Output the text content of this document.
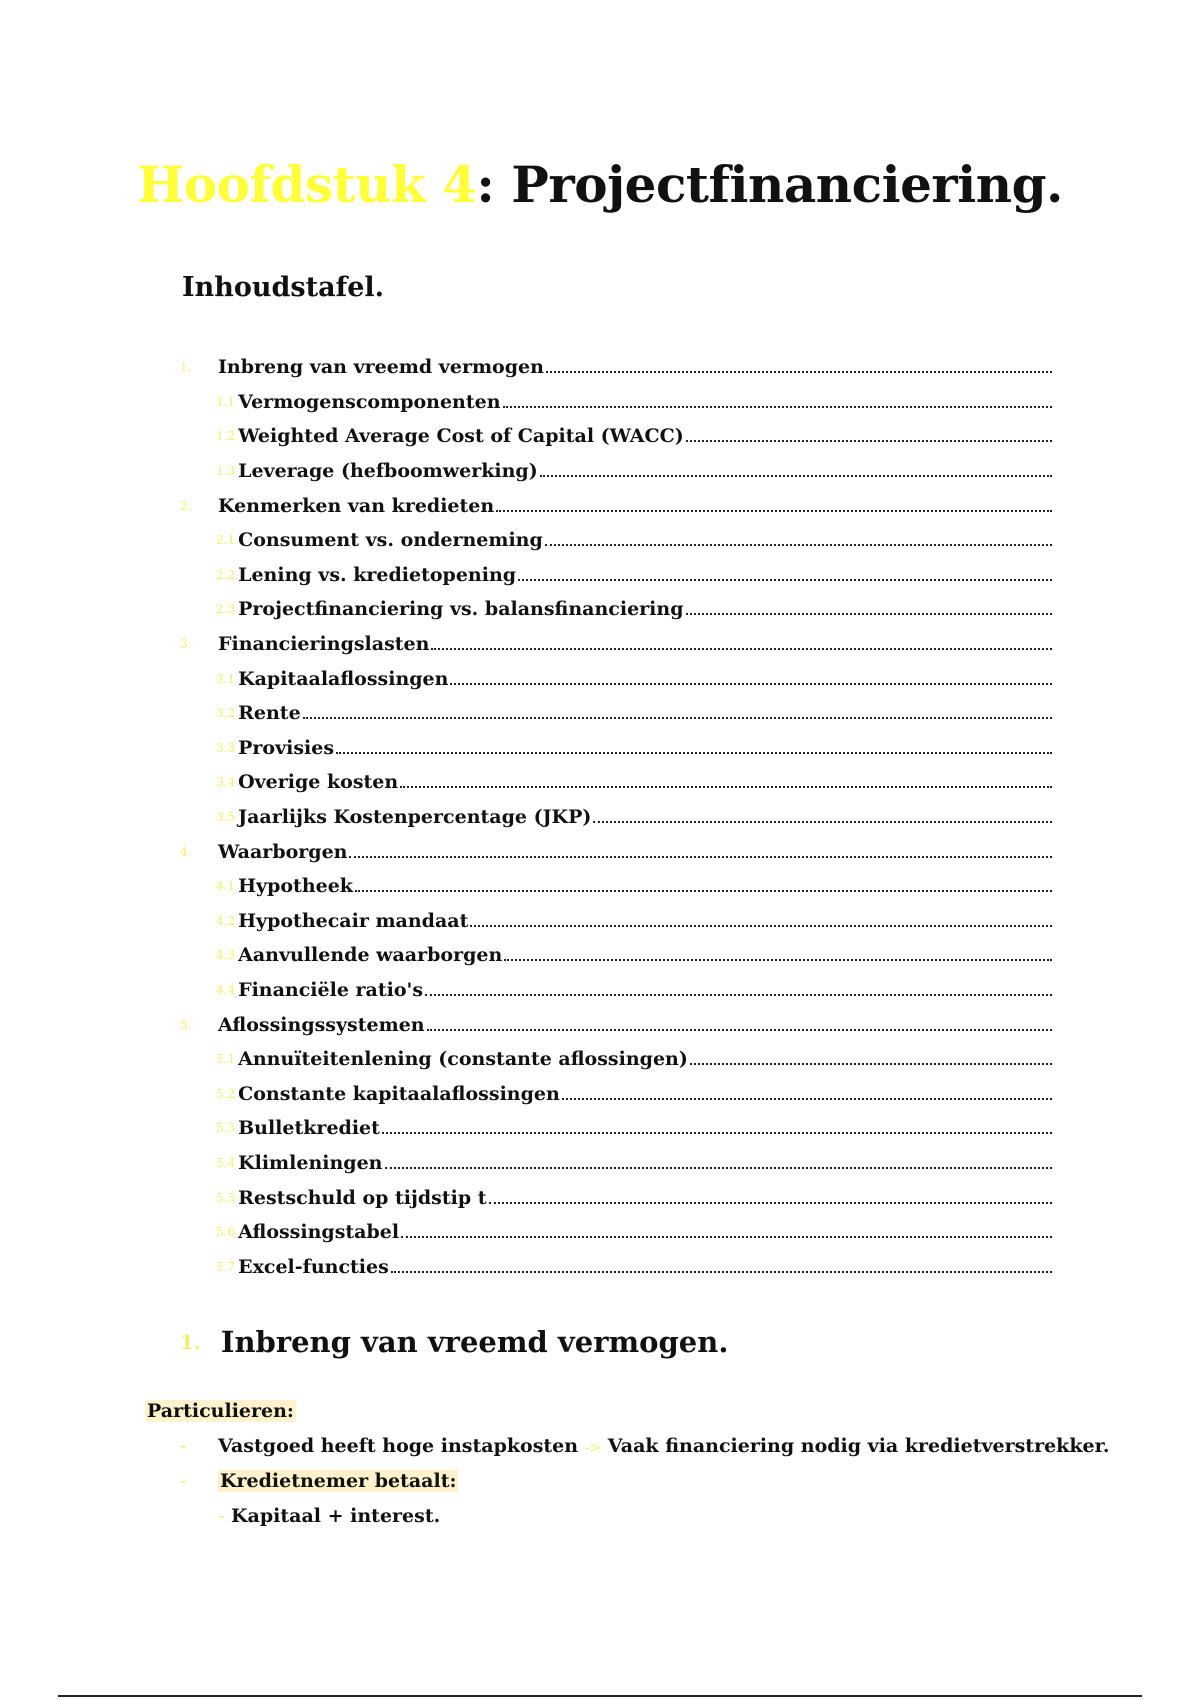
Hoofdstuk 4: Projectfinanciering.
Inhoudstafel.
1.	Inbreng van vreemd vermogen
1.1 Vermogenscomponenten
1.2 Weighted Average Cost of Capital (WACC)
1.3 Leverage (hefboomwerking)
2.	Kenmerken van kredieten
2.1 Consument vs. onderneming
2.2 Lening vs. kredietopening
2.3 Projectfinanciering vs. balansfinanciering
3.	Financieringslasten
3.1 Kapitaalaflossingen
3.2 Rente
3.3 Provisies
3.4 Overige kosten
3.5 Jaarlijks Kostenpercentage (JKP)
4.	Waarborgen
4.1 Hypotheek
4.2 Hypothecair mandaat
4.3 Aanvullende waarborgen
4.4 Financiële ratio's
5.	Aflossingssystemen
5.1 Annuïteitenlening (constante aflossingen)
5.2 Constante kapitaalaflossingen
5.3 Bulletkrediet
5.4 Klimleningen
5.5 Restschuld op tijdstip t
5.6 Aflossingstabel
5.7 Excel-functies
1. Inbreng van vreemd vermogen.
Particulieren:
- Vastgoed heeft hoge instapkosten -> Vaak financiering nodig via kredietverstrekker.
- Kredietnemer betaalt:
- Kapitaal + interest.
